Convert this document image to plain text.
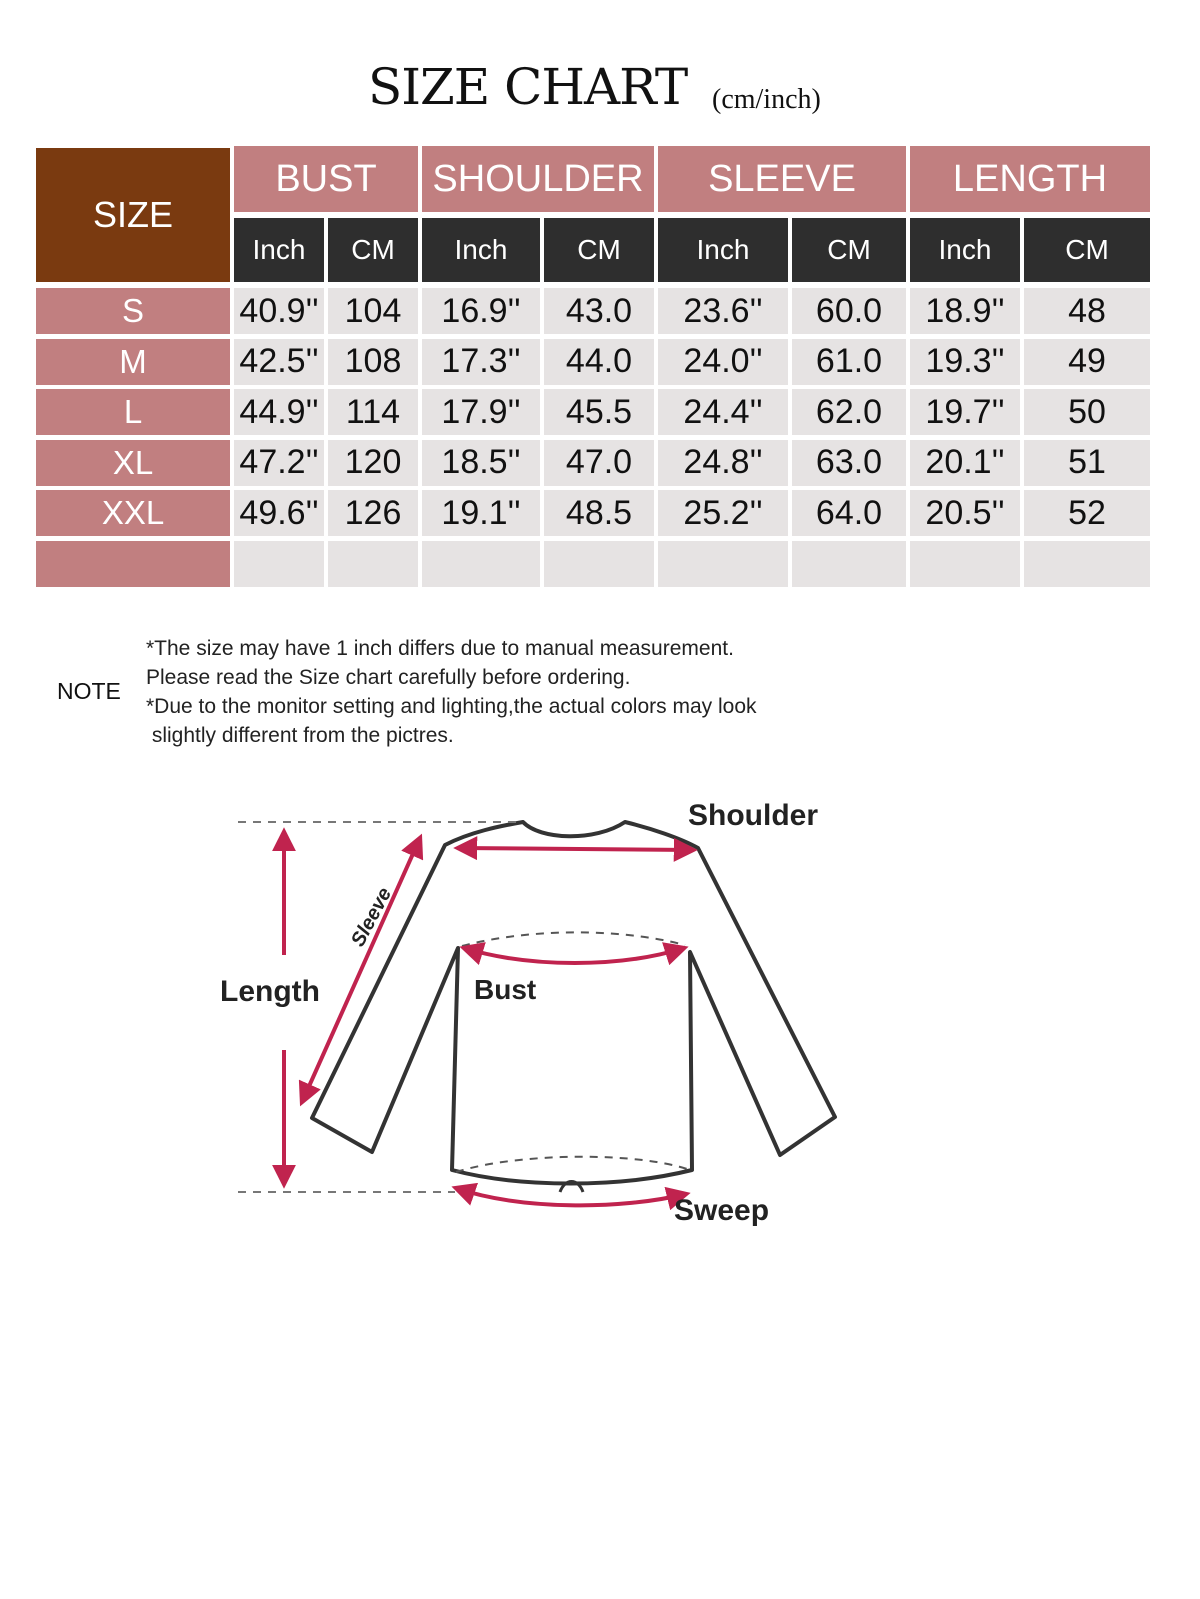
SIZE CHART (cm/inch)
SIZE
BUST	SHOULDER	SLEEVE	LENGTH
Inch	CM	Inch	CM	Inch	CM	Inch	CM
S	40.9'' 104	16.9''	43.0	23.6''	60.0	18.9''	48
M	42.5'' 108	17.3''	44.0	24.0''	61.0	19.3''	49
L	44.9'' 114	17.9''	45.5	24.4''	62.0	19.7''	50
XL	47.2'' 120	18.5''	47.0	24.8''	63.0	20.1''	51
XXL	49.6'' 126	19.1''	48.5	25.2''	64.0	20.5''	52
NOTE
*The size may have 1 inch differs due to manual measurement.
Please read the Size chart carefully before ordering.
*Due to the monitor setting and lighting,the actual colors may look
slightly different from the pictres.
Shoulder
Length	Bust
Sweep
Sleeve
